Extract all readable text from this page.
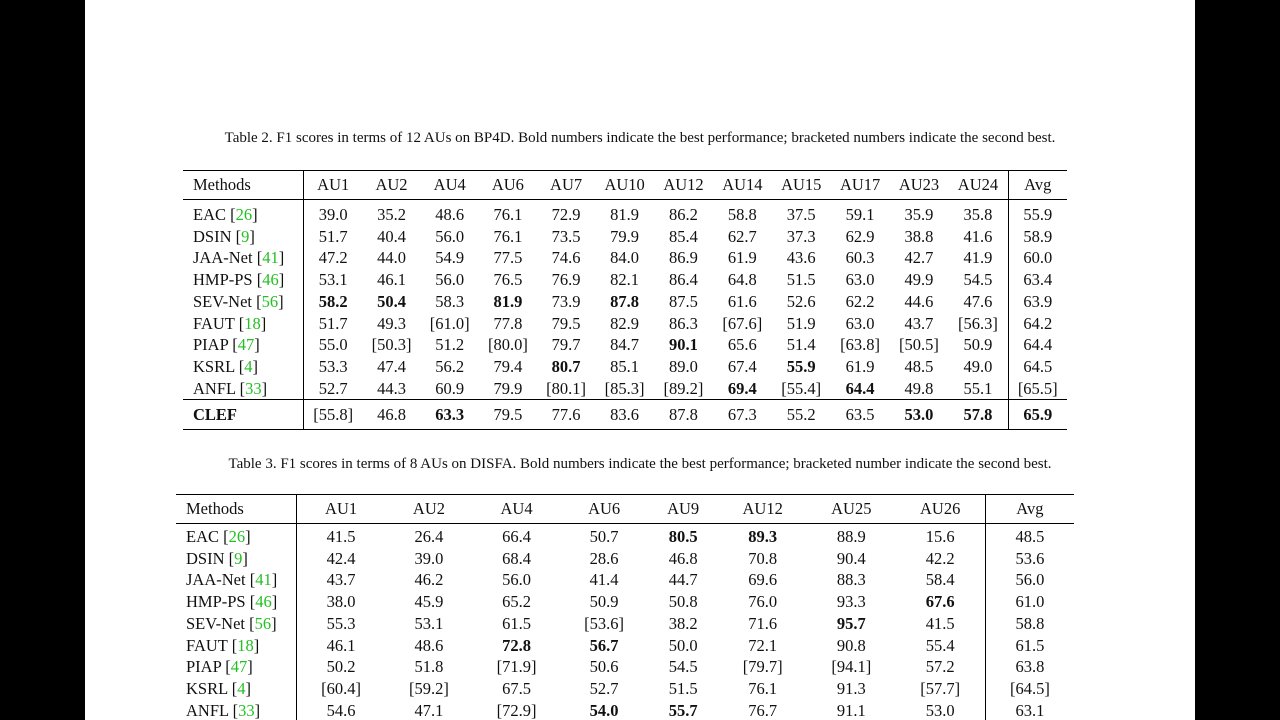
Table 2. F1 scores in terms of 12 AUs on BP4D. Bold numbers indicate the best performance; bracketed numbers indicate the second best.
Methods	AU1	AU2	AU4	AU6	AU7	AU10	AU12	AU14	AU15	AU17	AU23	AU24	Avg
EAC [26]	39.0	35.2	48.6	76.1	72.9	81.9	86.2	58.8	37.5	59.1	35.9	35.8	55.9
DSIN [9]	51.7	40.4	56.0	76.1	73.5	79.9	85.4	62.7	37.3	62.9	38.8	41.6	58.9
JAA-Net [41]	47.2	44.0	54.9	77.5	74.6	84.0	86.9	61.9	43.6	60.3	42.7	41.9	60.0
HMP-PS [46]	53.1	46.1	56.0	76.5	76.9	82.1	86.4	64.8	51.5	63.0	49.9	54.5	63.4
SEV-Net [56]	58.2	50.4	58.3	81.9	73.9	87.8	87.5	61.6	52.6	62.2	44.6	47.6	63.9
FAUT [18]	51.7	49.3	[61.0]	77.8	79.5	82.9	86.3	[67.6]	51.9	63.0	43.7	[56.3]	64.2
PIAP [47]	55.0	[50.3]	51.2	[80.0]	79.7	84.7	90.1	65.6	51.4	[63.8]	[50.5]	50.9	64.4
KSRL [4]	53.3	47.4	56.2	79.4	80.7	85.1	89.0	67.4	55.9	61.9	48.5	49.0	64.5
ANFL [33]	52.7	44.3	60.9	79.9	[80.1]	[85.3]	[89.2]	69.4	[55.4]	64.4	49.8	55.1	[65.5]
CLEF	[55.8]	46.8	63.3	79.5	77.6	83.6	87.8	67.3	55.2	63.5	53.0	57.8	65.9
Table 3. F1 scores in terms of 8 AUs on DISFA. Bold numbers indicate the best performance; bracketed number indicate the second best.
Methods	AU1	AU2	AU4	AU6	AU9	AU12	AU25	AU26	Avg
EAC [26]	41.5	26.4	66.4	50.7	80.5	89.3	88.9	15.6	48.5
DSIN [9]	42.4	39.0	68.4	28.6	46.8	70.8	90.4	42.2	53.6
JAA-Net [41]	43.7	46.2	56.0	41.4	44.7	69.6	88.3	58.4	56.0
HMP-PS [46]	38.0	45.9	65.2	50.9	50.8	76.0	93.3	67.6	61.0
SEV-Net [56]	55.3	53.1	61.5	[53.6]	38.2	71.6	95.7	41.5	58.8
FAUT [18]	46.1	48.6	72.8	56.7	50.0	72.1	90.8	55.4	61.5
PIAP [47]	50.2	51.8	[71.9]	50.6	54.5	[79.7]	[94.1]	57.2	63.8
KSRL [4]	[60.4]	[59.2]	67.5	52.7	51.5	76.1	91.3	[57.7]	[64.5]
ANFL [33]	54.6	47.1	[72.9]	54.0	55.7	76.7	91.1	53.0	63.1
